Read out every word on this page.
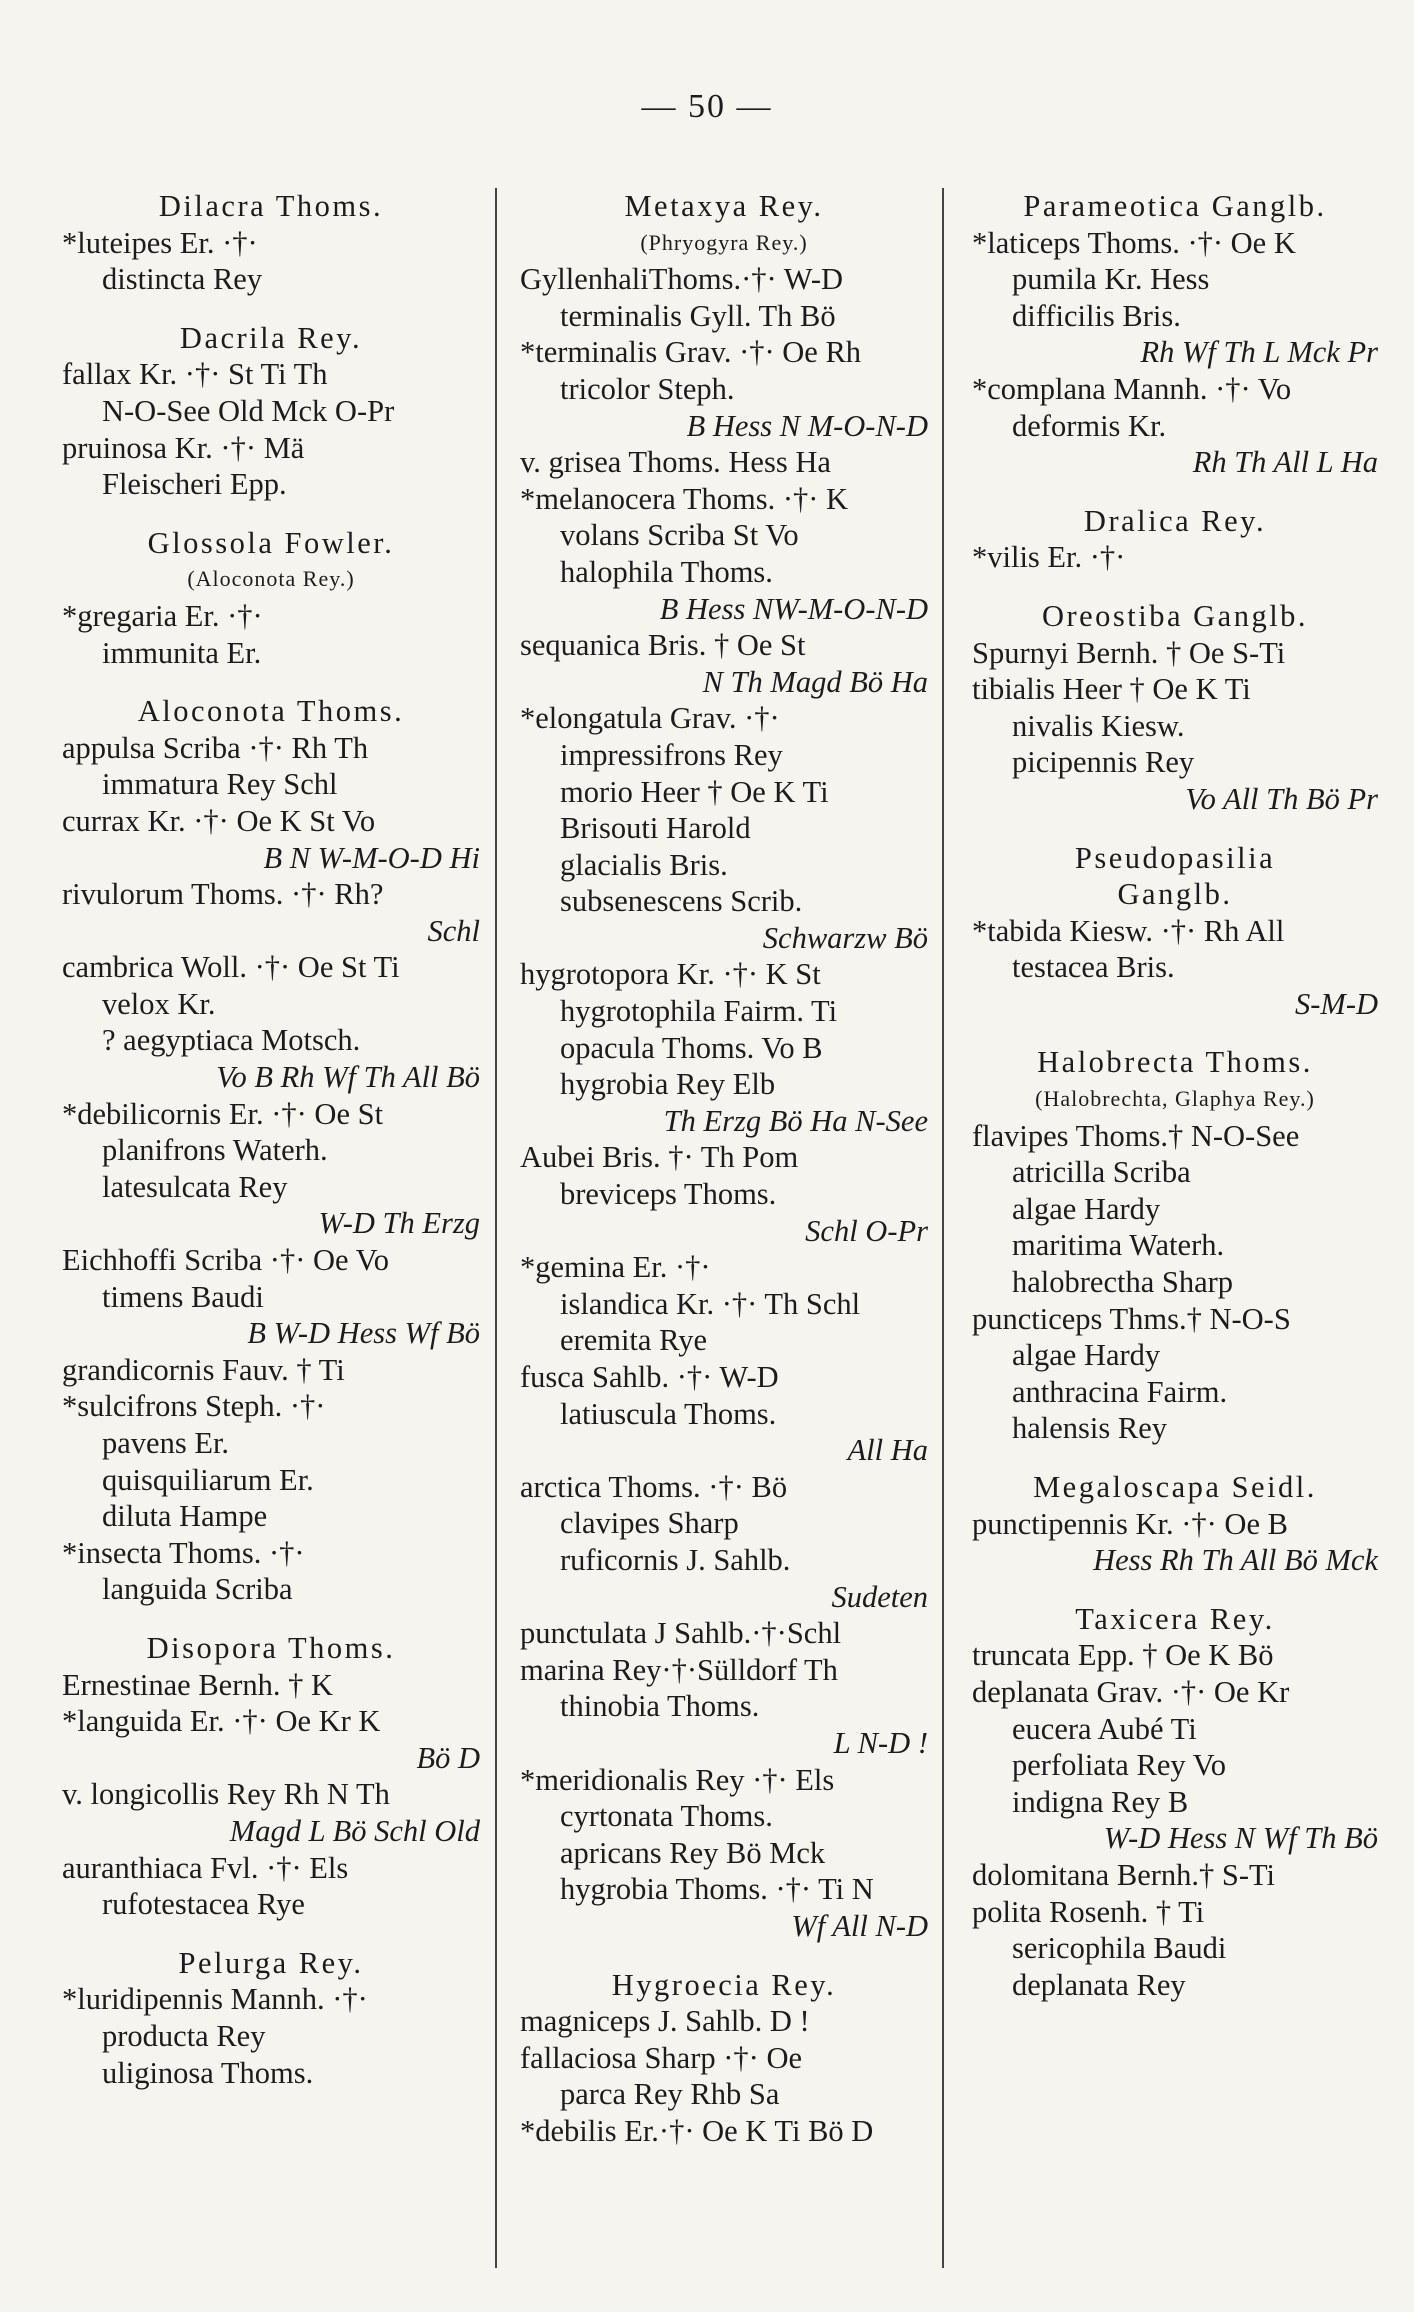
— 50 —
Dilacra Thoms.
*luteipes Er. ·†·
distincta Rey
Dacrila Rey.
fallax Kr. ·†· St Ti Th
N-O-See Old Mck O-Pr
pruinosa Kr. ·†· Mä
Fleischeri Epp.
Glossola Fowler.
(Aloconota Rey.)
*gregaria Er. ·†·
immunita Er.
Aloconota Thoms.
appulsa Scriba ·†· Rh Th
immatura Rey Schl
currax Kr. ·†· Oe K St Vo
B N W-M-O-D Hi
rivulorum Thoms. ·†· Rh?
Schl
cambrica Woll. ·†· Oe St Ti
velox Kr.
? aegyptiaca Motsch.
Vo B Rh Wf Th All Bö
*debilicornis Er. ·†· Oe St
planifrons Waterh.
latesulcata Rey
W-D Th Erzg
Eichhoffi Scriba ·†· Oe Vo
timens Baudi
B W-D Hess Wf Bö
grandicornis Fauv. † Ti
*sulcifrons Steph. ·†·
pavens Er.
quisquiliarum Er.
diluta Hampe
*insecta Thoms. ·†·
languida Scriba
Disopora Thoms.
Ernestinae Bernh. † K
*languida Er. ·†· Oe Kr K
Bö D
v. longicollis Rey Rh N Th
Magd L Bö Schl Old
auranthiaca Fvl. ·†· Els
rufotestacea Rye
Pelurga Rey.
*luridipennis Mannh. ·†·
producta Rey
uliginosa Thoms.
Metaxya Rey.
(Phryogyra Rey.)
GyllenhaliThoms.·†· W-D
terminalis Gyll. Th Bö
*terminalis Grav. ·†· Oe Rh
tricolor Steph.
B Hess N M-O-N-D
v. grisea Thoms. Hess Ha
*melanocera Thoms. ·†· K
volans Scriba St Vo
halophila Thoms.
B Hess NW-M-O-N-D
sequanica Bris. † Oe St
N Th Magd Bö Ha
*elongatula Grav. ·†·
impressifrons Rey
morio Heer † Oe K Ti
Brisouti Harold
glacialis Bris.
subsenescens Scrib.
Schwarzw Bö
hygrotopora Kr. ·†· K St
hygrotophila Fairm. Ti
opacula Thoms. Vo B
hygrobia Rey Elb
Th Erzg Bö Ha N-See
Aubei Bris. †· Th Pom
breviceps Thoms.
Schl O-Pr
*gemina Er. ·†·
islandica Kr. ·†· Th Schl
eremita Rye
fusca Sahlb. ·†· W-D
latiuscula Thoms.
All Ha
arctica Thoms. ·†· Bö
clavipes Sharp
ruficornis J. Sahlb.
Sudeten
punctulata J Sahlb.·†·Schl
marina Rey·†·Sülldorf Th
thinobia Thoms.
L N-D !
*meridionalis Rey ·†· Els
cyrtonata Thoms.
apricans Rey Bö Mck
hygrobia Thoms. ·†· Ti N
Wf All N-D
Hygroecia Rey.
magniceps J. Sahlb. D !
fallaciosa Sharp ·†· Oe
parca Rey Rhb Sa
*debilis Er.·†· Oe K Ti Bö D
Parameotica Ganglb.
*laticeps Thoms. ·†· Oe K
pumila Kr. Hess
difficilis Bris.
Rh Wf Th L Mck Pr
*complana Mannh. ·†· Vo
deformis Kr.
Rh Th All L Ha
Dralica Rey.
*vilis Er. ·†·
Oreostiba Ganglb.
Spurnyi Bernh. † Oe S-Ti
tibialis Heer † Oe K Ti
nivalis Kiesw.
picipennis Rey
Vo All Th Bö Pr
Pseudopasilia
Ganglb.
*tabida Kiesw. ·†· Rh All
testacea Bris.
S-M-D
Halobrecta Thoms.
(Halobrechta, Glaphya Rey.)
flavipes Thoms.† N-O-See
atricilla Scriba
algae Hardy
maritima Waterh.
halobrectha Sharp
puncticeps Thms.† N-O-S
algae Hardy
anthracina Fairm.
halensis Rey
Megaloscapa Seidl.
punctipennis Kr. ·†· Oe B
Hess Rh Th All Bö Mck
Taxicera Rey.
truncata Epp. † Oe K Bö
deplanata Grav. ·†· Oe Kr
eucera Aubé Ti
perfoliata Rey Vo
indigna Rey B
W-D Hess N Wf Th Bö
dolomitana Bernh.† S-Ti
polita Rosenh. † Ti
sericophila Baudi
deplanata Rey
